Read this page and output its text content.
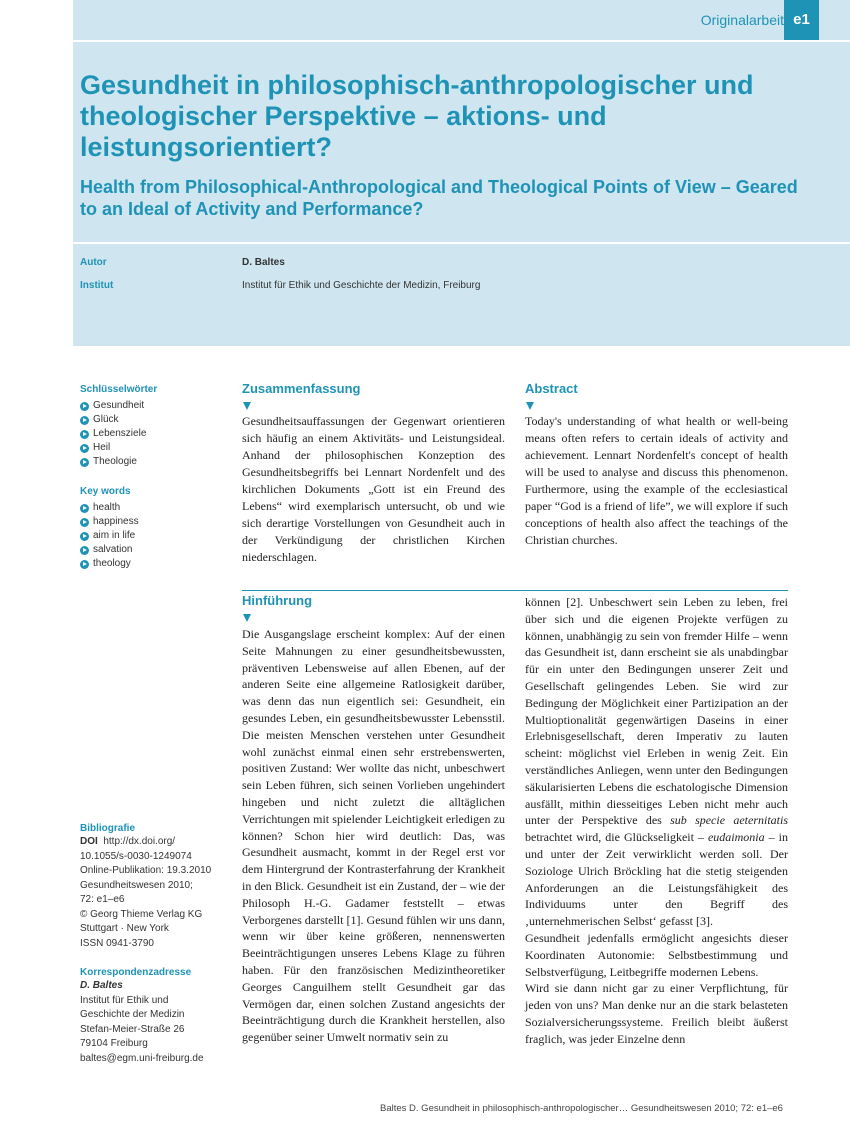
Originalarbeit e1
Gesundheit in philosophisch-anthropologischer und theologischer Perspektive – aktions- und leistungsorientiert?
Health from Philosophical-Anthropological and Theological Points of View – Geared to an Ideal of Activity and Performance?
Autor	D. Baltes
Institut	Institut für Ethik und Geschichte der Medizin, Freiburg
Schlüsselwörter
Gesundheit
Glück
Lebensziele
Heil
Theologie
Key words
health
happiness
aim in life
salvation
theology
Bibliografie
DOI http://dx.doi.org/
10.1055/s-0030-1249074
Online-Publikation: 19.3.2010
Gesundheitswesen 2010;
72: e1–e6
© Georg Thieme Verlag KG
Stuttgart · New York
ISSN 0941-3790
Korrespondenzadresse
D. Baltes
Institut für Ethik und
Geschichte der Medizin
Stefan-Meier-Straße 26
79104 Freiburg
baltes@egm.uni-freiburg.de
Zusammenfassung

Gesundheitsauffassungen der Gegenwart orientieren sich häufig an einem Aktivitäts- und Leistungsideal. Anhand der philosophischen Konzeption des Gesundheitsbegriffs bei Lennart Nordenfelt und des kirchlichen Dokuments „Gott ist ein Freund des Lebens“ wird exemplarisch untersucht, ob und wie sich derartige Vorstellungen von Gesundheit auch in der Verkündigung der christlichen Kirchen niederschlagen.

Abstract

Today's understanding of what health or well-being means often refers to certain ideals of activity and achievement. Lennart Nordenfelt's concept of health will be used to analyse and discuss this phenomenon. Furthermore, using the example of the ecclesiastical paper “God is a friend of life”, we will explore if such conceptions of health also affect the teachings of the Christian churches.

Hinführung

Die Ausgangslage erscheint komplex: Auf der einen Seite Mahnungen zu einer gesundheitsbewussten, präventiven Lebensweise auf allen Ebenen, auf der anderen Seite eine allgemeine Ratlosigkeit darüber, was denn das nun eigentlich sei: Gesundheit, ein gesundes Leben, ein gesundheitsbewusster Lebensstil. Die meisten Menschen verstehen unter Gesundheit wohl zunächst einmal einen sehr erstrebenswerten, positiven Zustand: Wer wollte das nicht, unbeschwert sein Leben führen, sich seinen Vorlieben ungehindert hingeben und nicht zuletzt die alltäglichen Verrichtungen mit spielender Leichtigkeit erledigen zu können? Schon hier wird deutlich: Das, was Gesundheit ausmacht, kommt in der Regel erst vor dem Hintergrund der Kontrasterfahrung der Krankheit in den Blick. Gesundheit ist ein Zustand, der – wie der Philosoph H.-G. Gadamer feststellt – etwas Verborgenes darstellt [1]. Gesund fühlen wir uns dann, wenn wir über keine größeren, nennenswerten Beeinträchtigungen unseres Lebens Klage zu führen haben. Für den französischen Medizintheoretiker Georges Canguilhem stellt Gesundheit gar das Vermögen dar, einen solchen Zustand angesichts der Beeinträchtigung durch die Krankheit herstellen, also gegenüber seiner Umwelt normativ sein zu

können [2]. Unbeschwert sein Leben zu leben, frei über sich und die eigenen Projekte verfügen zu können, unabhängig zu sein von fremder Hilfe – wenn das Gesundheit ist, dann erscheint sie als unabdingbar für ein unter den Bedingungen unserer Zeit und Gesellschaft gelingendes Leben. Sie wird zur Bedingung der Möglichkeit einer Partizipation an der Multioptionalität gegenwärtigen Daseins in einer Erlebnisgesellschaft, deren Imperativ zu lauten scheint: möglichst viel Erleben in wenig Zeit. Ein verständliches Anliegen, wenn unter den Bedingungen säkularisierten Lebens die eschatologische Dimension ausfällt, mithin diesseitiges Leben nicht mehr auch unter der Perspektive des sub specie aeternitatis betrachtet wird, die Glückseligkeit – eudaimonia – in und unter der Zeit verwirklicht werden soll. Der Soziologe Ulrich Bröckling hat die stetig steigenden Anforderungen an die Leistungsfähigkeit des Individuums unter den Begriff des ‚unternehmerischen Selbst‘ gefasst [3].
Gesundheit jedenfalls ermöglicht angesichts dieser Koordinaten Autonomie: Selbstbestimmung und Selbstverfügung, Leitbegriffe modernen Lebens.
Wird sie dann nicht gar zu einer Verpflichtung, für jeden von uns? Man denke nur an die stark belasteten Sozialversicherungssysteme. Freilich bleibt äußerst fraglich, was jeder Einzelne denn
Baltes D. Gesundheit in philosophisch-anthropologischer… Gesundheitswesen 2010; 72: e1–e6
